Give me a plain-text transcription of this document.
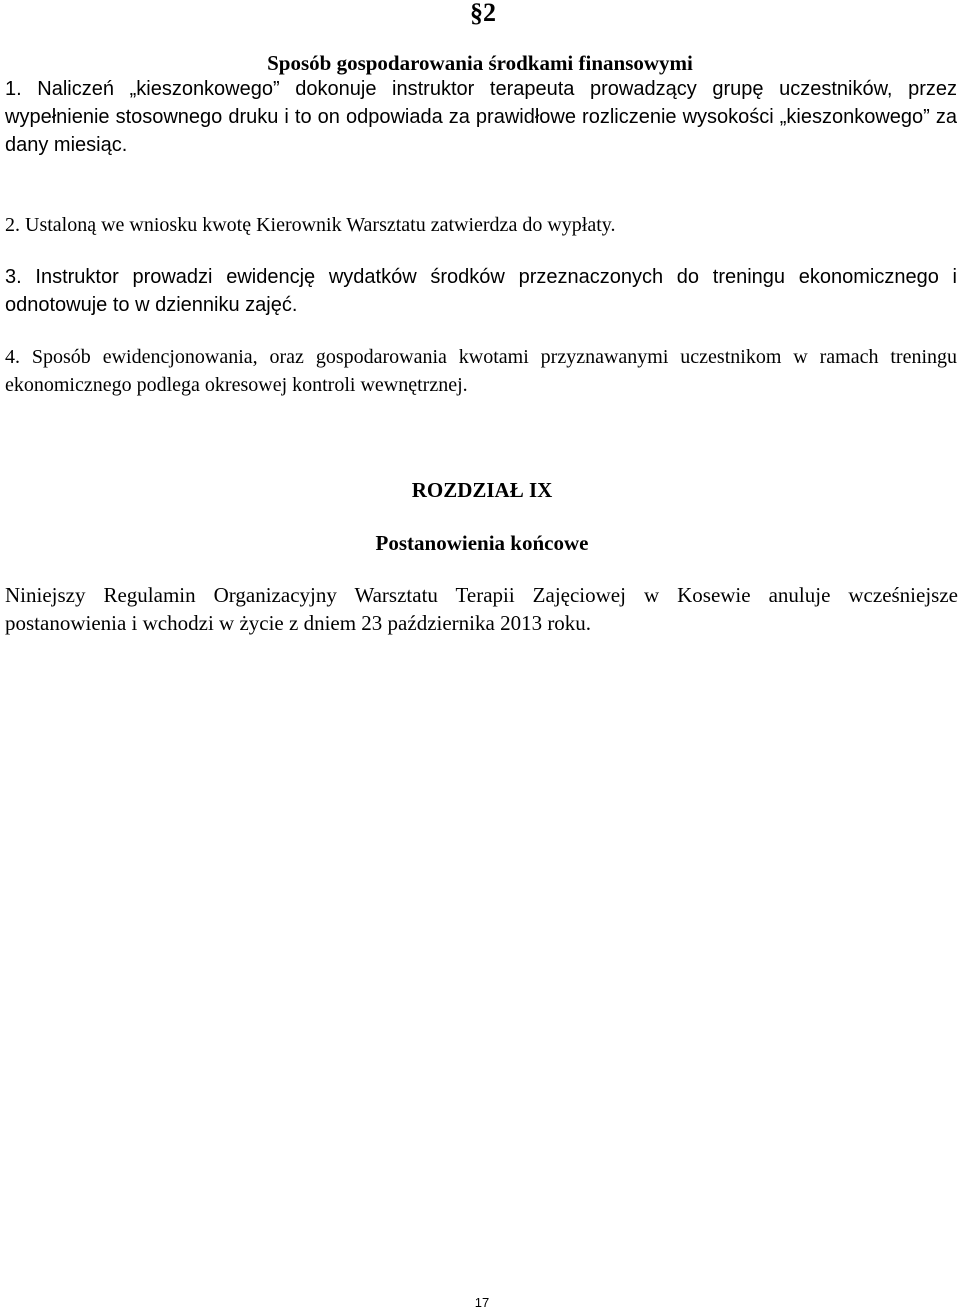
§2
Sposób gospodarowania środkami finansowymi

1. Naliczeń „kieszonkowego” dokonuje instruktor terapeuta prowadzący grupę uczestników, przez wypełnienie stosownego druku i to on odpowiada za prawidłowe rozliczenie wysokości „kieszonkowego” za dany miesiąc.

2. Ustaloną we wniosku kwotę Kierownik Warsztatu zatwierdza do wypłaty.

3. Instruktor prowadzi ewidencję wydatków środków przeznaczonych do treningu ekonomicznego i odnotowuje to w dzienniku zajęć.

4. Sposób ewidencjonowania, oraz gospodarowania kwotami przyznawanymi uczestnikom w ramach treningu ekonomicznego podlega okresowej kontroli wewnętrznej.

ROZDZIAŁ IX
Postanowienia końcowe

Niniejszy Regulamin Organizacyjny Warsztatu Terapii Zajęciowej w Kosewie anuluje wcześniejsze postanowienia i wchodzi w życie z dniem 23 października 2013 roku.

17
